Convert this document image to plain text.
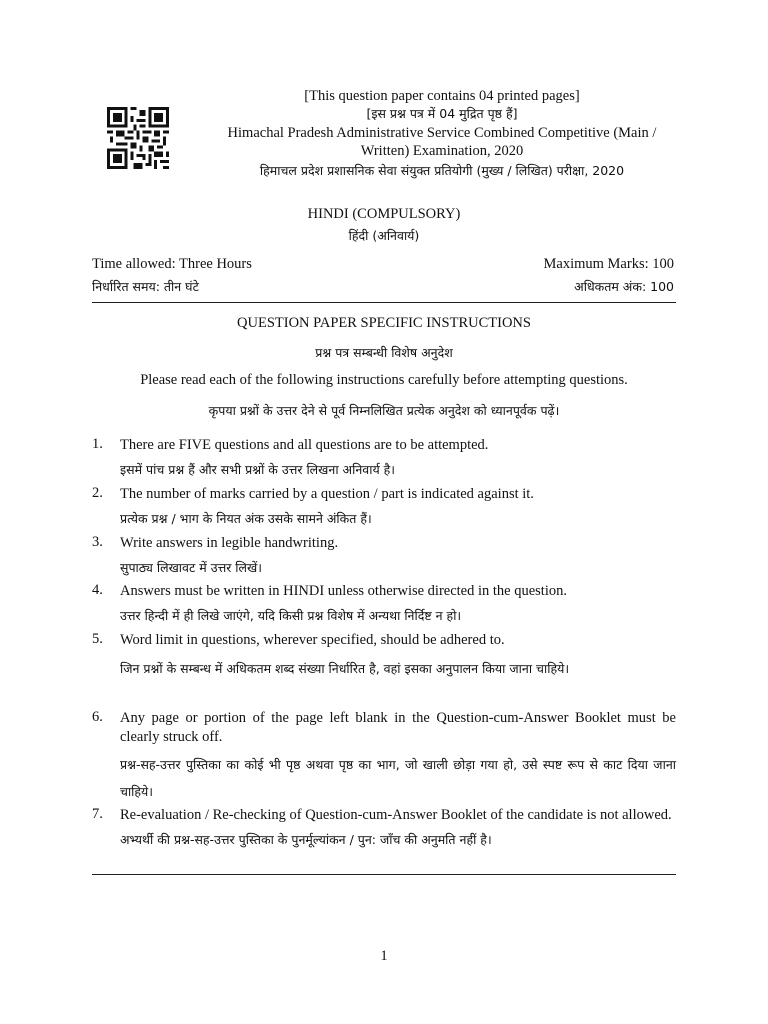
[This question paper contains 04 printed pages]
[इस प्रश्न पत्र में 04 मुद्रित पृष्ठ हैं]
Himachal Pradesh Administrative Service Combined Competitive (Main /
Written) Examination, 2020
हिमाचल प्रदेश प्रशासनिक सेवा संयुक्त प्रतियोगी (मुख्य / लिखित) परीक्षा, 2020
HINDI (COMPULSORY)
हिंदी (अनिवार्य)
Time allowed: Three Hours	Maximum Marks: 100
निर्धारित समय: तीन घंटे	अधिकतम अंक: 100
QUESTION PAPER SPECIFIC INSTRUCTIONS
प्रश्न पत्र सम्बन्धी विशेष अनुदेश
Please read each of the following instructions carefully before attempting questions.
कृपया प्रश्नों के उत्तर देने से पूर्व निम्नलिखित प्रत्येक अनुदेश को ध्यानपूर्वक पढ़ें।
1.	There are FIVE questions and all questions are to be attempted.
इसमें पांच प्रश्न हैं और सभी प्रश्नों के उत्तर लिखना अनिवार्य है।
2.	The number of marks carried by a question / part is indicated against it.
प्रत्येक प्रश्न / भाग के नियत अंक उसके सामने अंकित हैं।
3.	Write answers in legible handwriting.
सुपाठ्य लिखावट में उत्तर लिखें।
4.	Answers must be written in HINDI unless otherwise directed in the question.
उत्तर हिन्दी में ही लिखे जाएंगे, यदि किसी प्रश्न विशेष में अन्यथा निर्दिष्ट न हो।
5.	Word limit in questions, wherever specified, should be adhered to.
जिन प्रश्नों के सम्बन्ध में अधिकतम शब्द संख्या निर्धारित है, वहां इसका अनुपालन किया जाना चाहिये।
6.	Any page or portion of the page left blank in the Question-cum-Answer Booklet must be clearly struck off.
प्रश्न-सह-उत्तर पुस्तिका का कोई भी पृष्ठ अथवा पृष्ठ का भाग, जो खाली छोड़ा गया हो, उसे स्पष्ट रूप से काट दिया जाना चाहिये।
7.	Re-evaluation / Re-checking of Question-cum-Answer Booklet of the candidate is not allowed.
अभ्यर्थी की प्रश्न-सह-उत्तर पुस्तिका के पुनर्मूल्यांकन / पुन: जाँच की अनुमति नहीं है।
1
